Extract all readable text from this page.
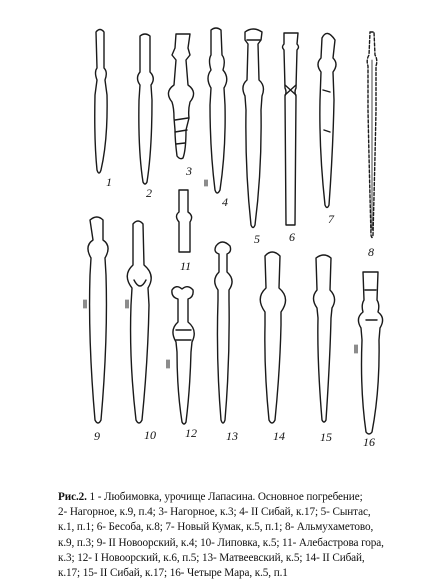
1
2
3
4
5 6
7
8
9	10
11
12 13	14	15	16
Рис.2. 1 - Любимовка, урочище Лапасина. Основное погребение;
2- Нагорное, к.9, п.4; 3- Нагорное, к.3; 4- II Сибай, к.17; 5- Сынтас,
к.1, п.1; 6- Бесоба, к.8; 7- Новый Кумак, к.5, п.1; 8- Альмухаметово,
к.9, п.3; 9- II Новоорский, к.4; 10- Липовка, к.5; 11- Алебастрова гора,
к.3; 12- I Новоорский, к.6, п.5; 13- Матвеевский, к.5; 14- II Сибай,
к.17; 15- II Сибай, к.17; 16- Четыре Мара, к.5, п.1
